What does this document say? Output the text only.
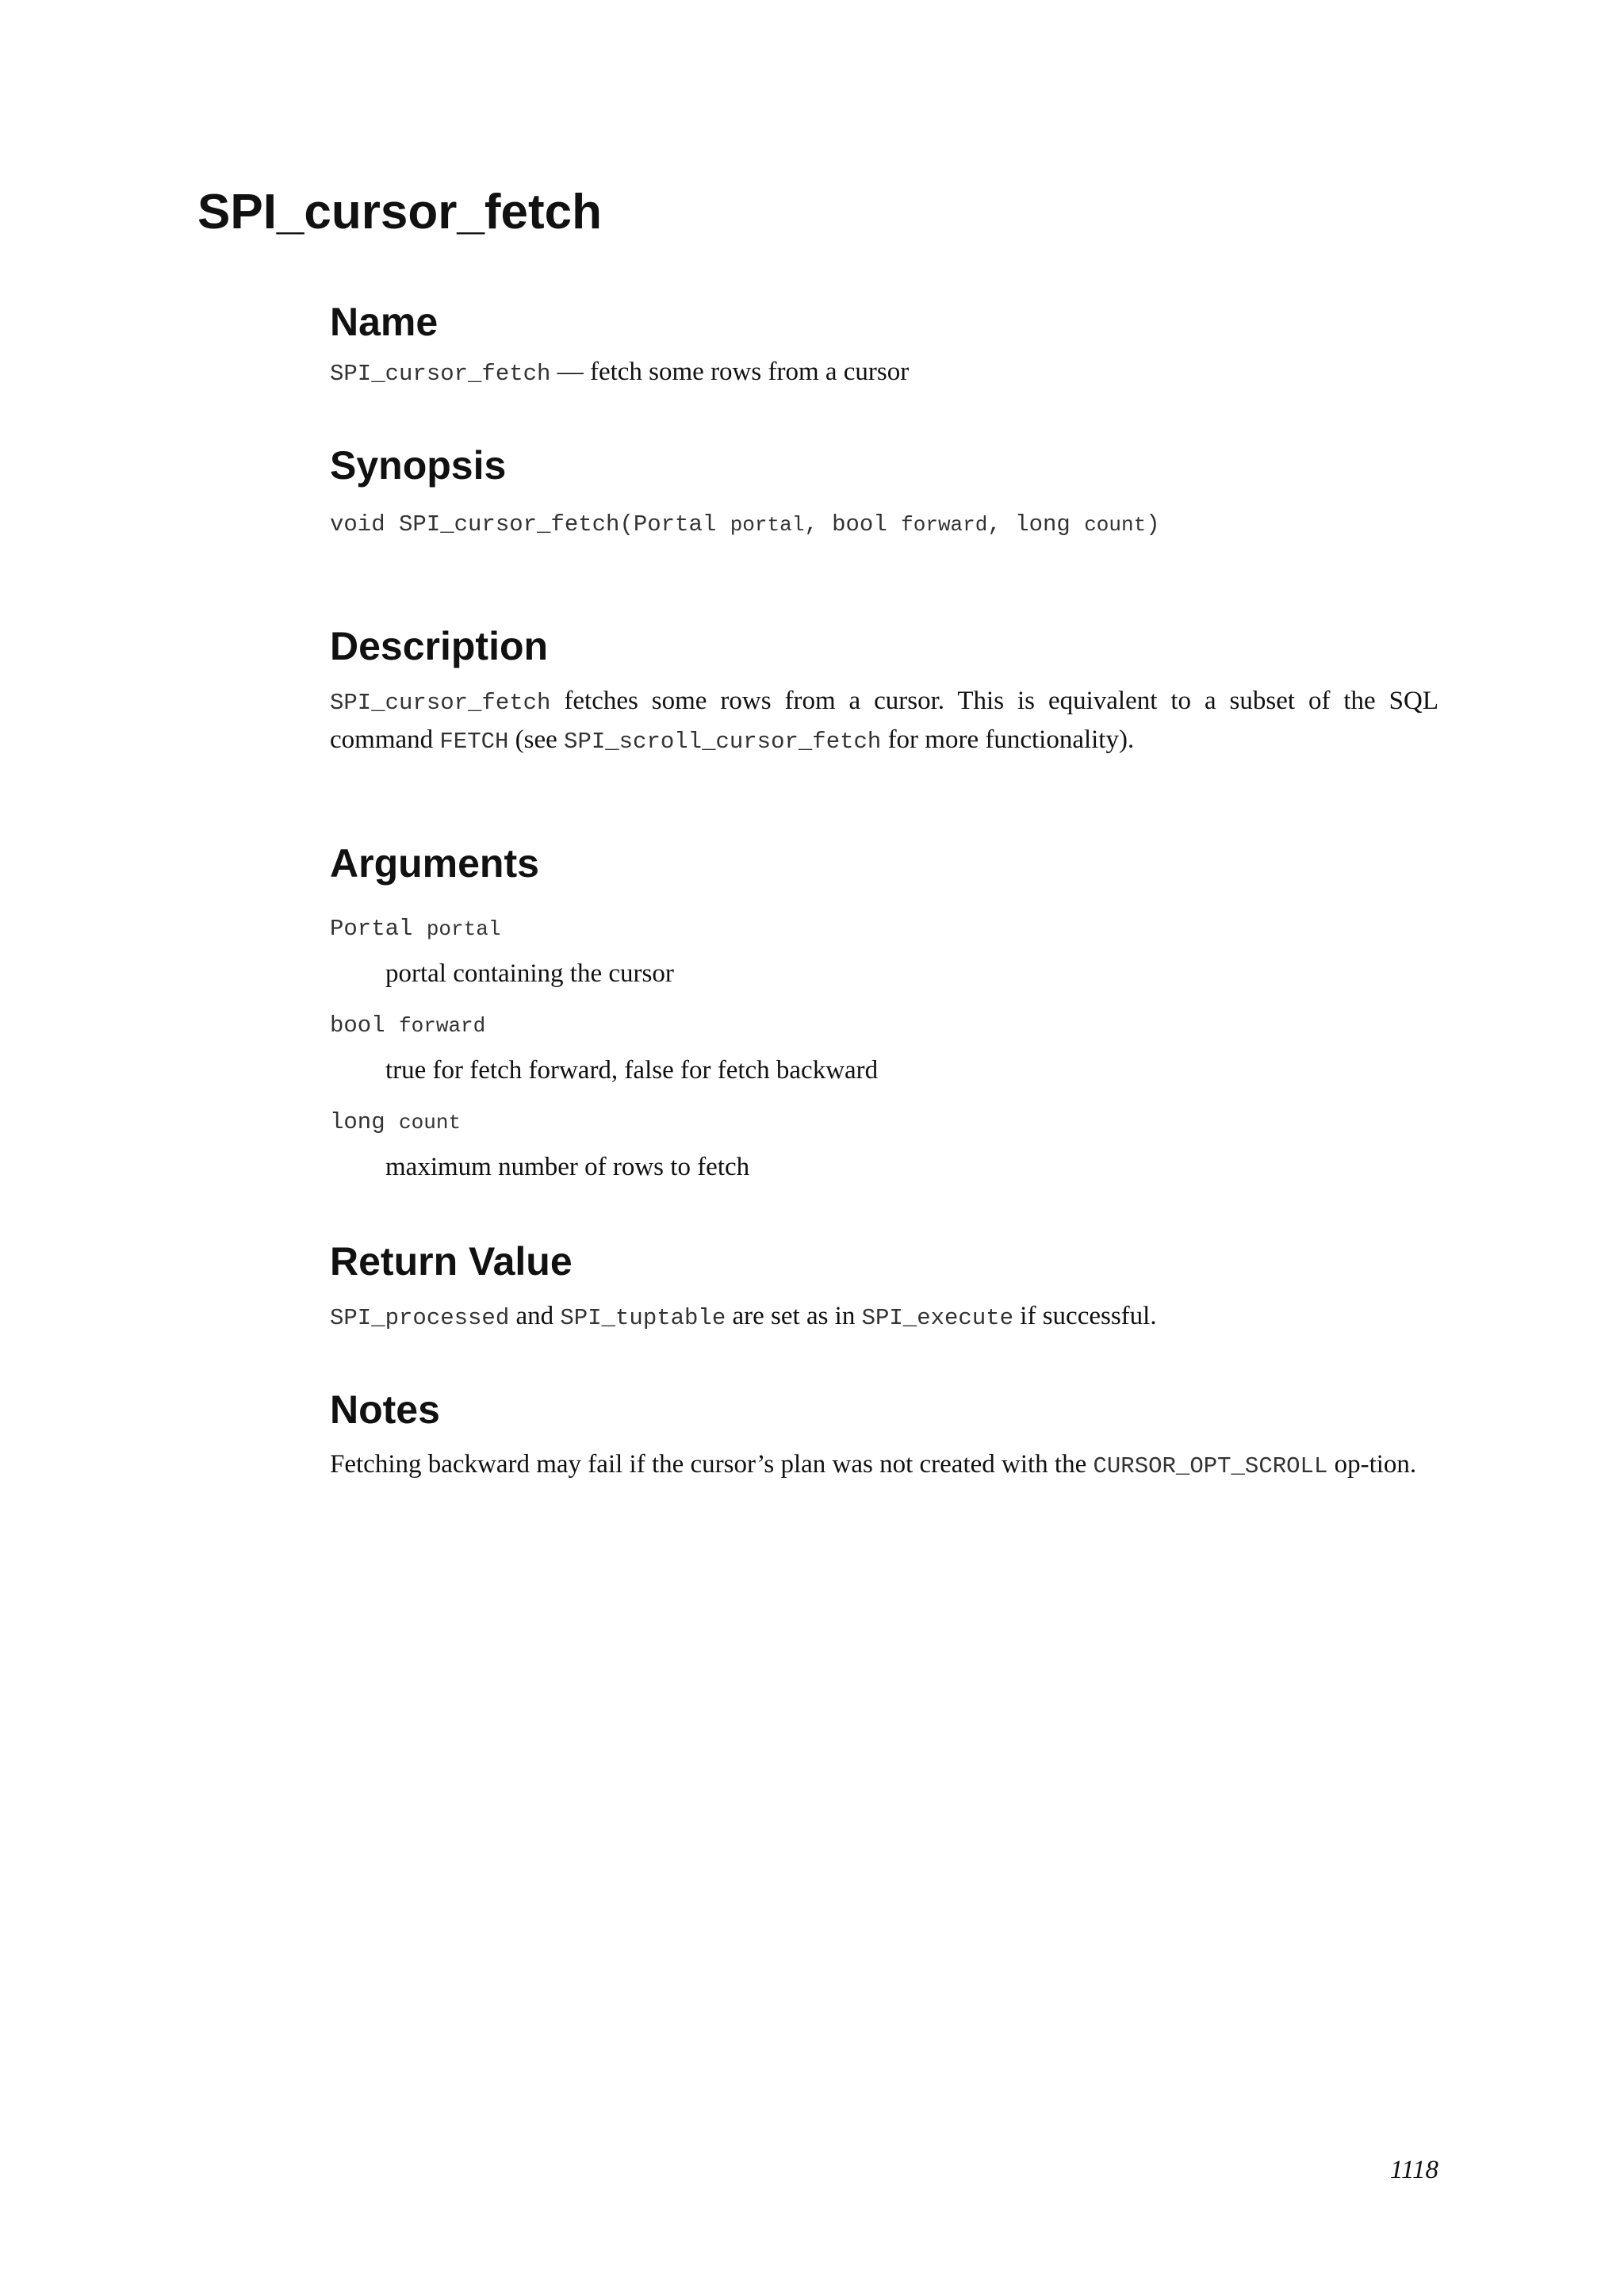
SPI_cursor_fetch
Name

SPI_cursor_fetch — fetch some rows from a cursor

Synopsis

void SPI_cursor_fetch(Portal portal, bool forward, long count)

Description

SPI_cursor_fetch fetches some rows from a cursor. This is equivalent to a subset of the SQL command FETCH (see SPI_scroll_cursor_fetch for more functionality).

Arguments

Portal portal

portal containing the cursor

bool forward

true for fetch forward, false for fetch backward

long count

maximum number of rows to fetch

Return Value

SPI_processed and SPI_tuptable are set as in SPI_execute if successful.

Notes

Fetching backward may fail if the cursor’s plan was not created with the CURSOR_OPT_SCROLL op-tion.

1118
